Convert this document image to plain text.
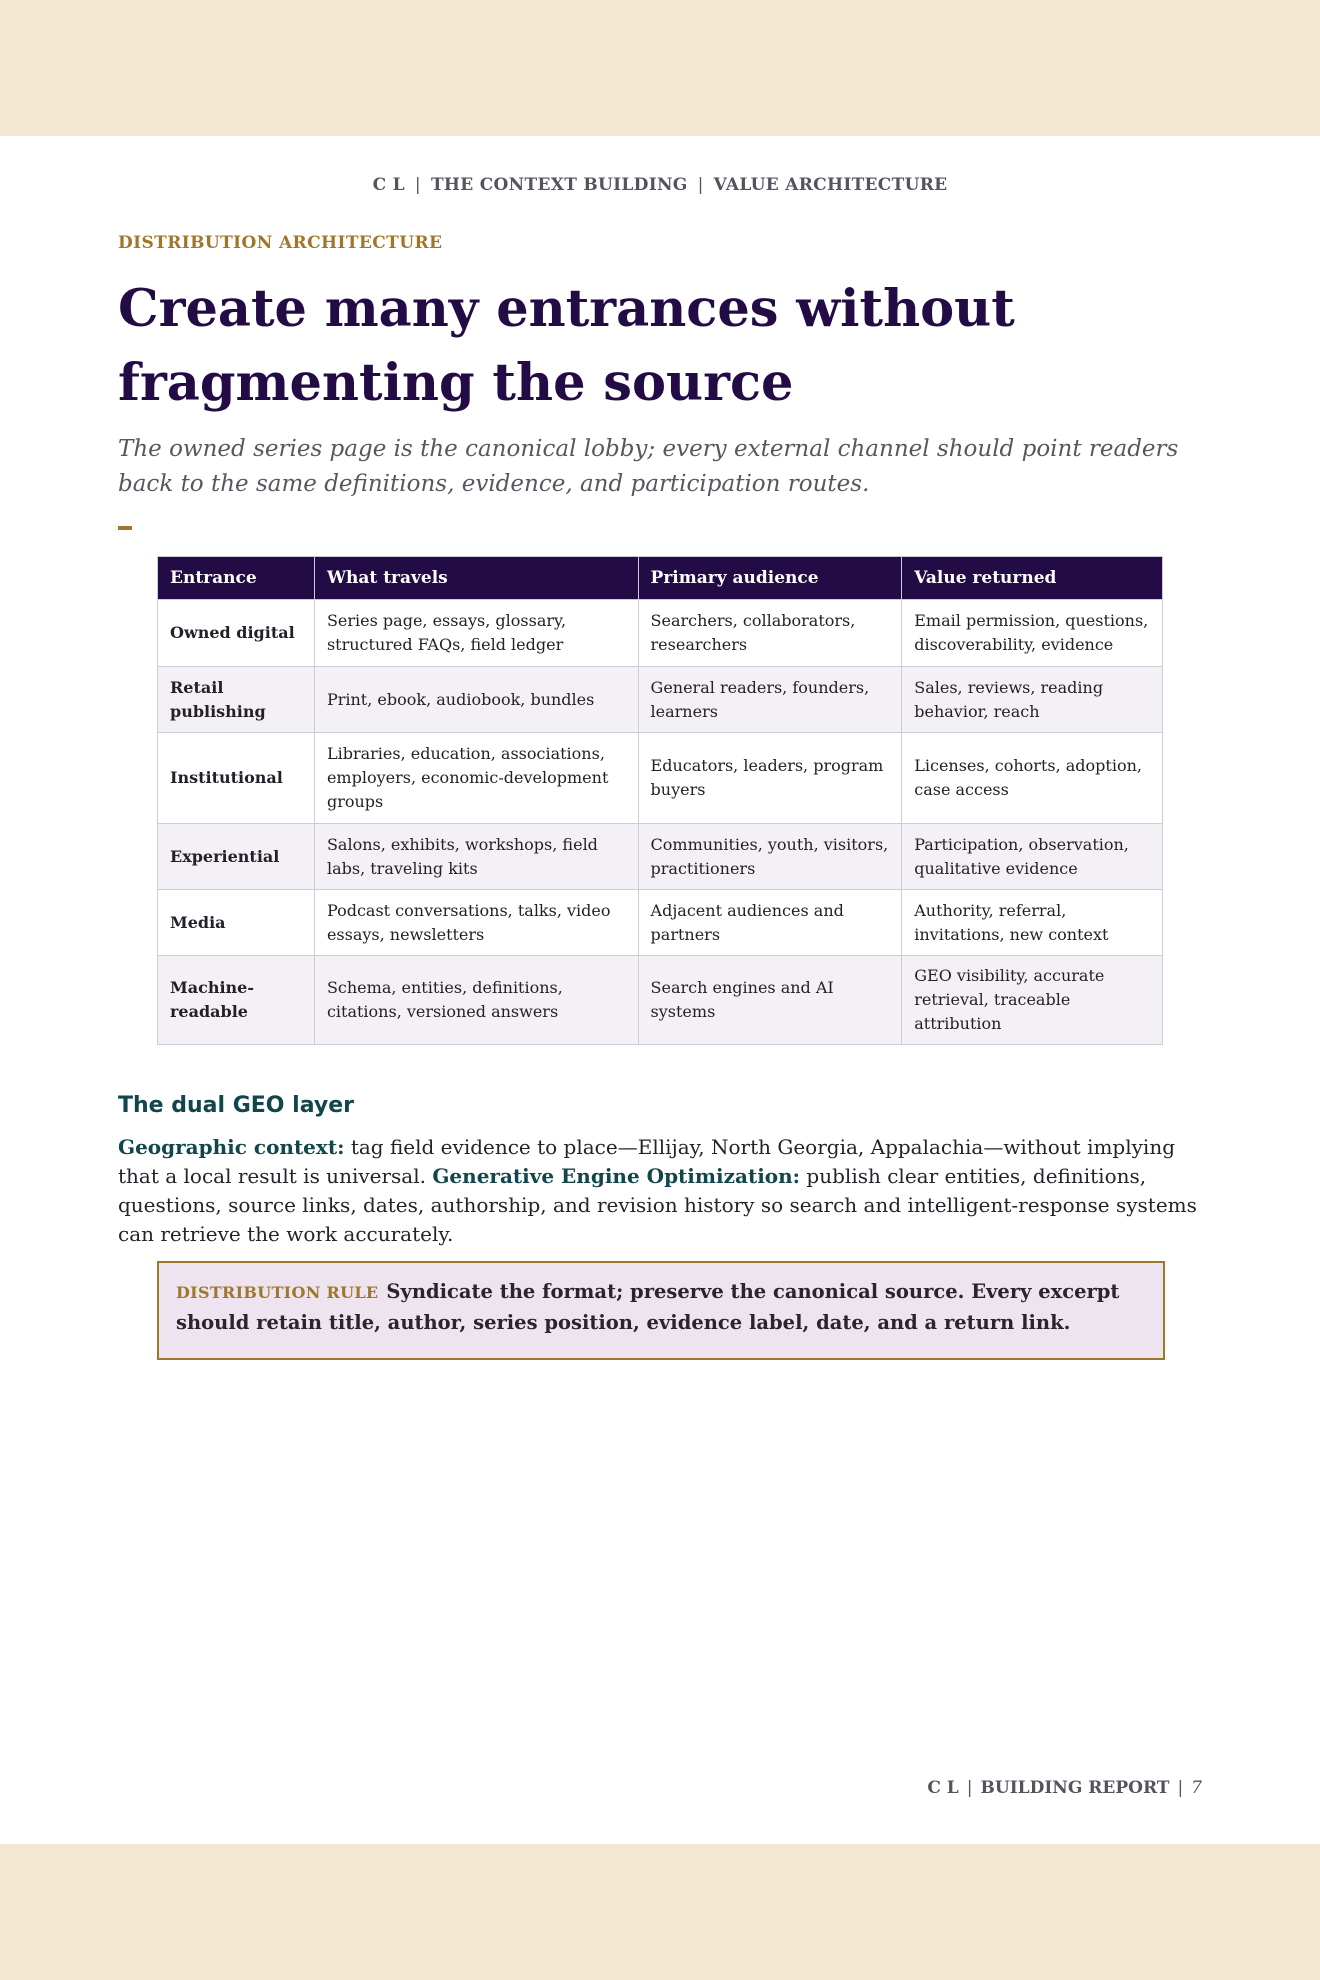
C L | THE CONTEXT BUILDING | VALUE ARCHITECTURE

DISTRIBUTION ARCHITECTURE

Create many entrances without fragmenting the source

The owned series page is the canonical lobby; every external channel should point readers back to the same definitions, evidence, and participation routes.

Entrance	What travels	Primary audience	Value returned
Owned digital	Series page, essays, glossary, structured FAQs, field ledger	Searchers, collaborators, researchers	Email permission, questions, discoverability, evidence
Retail publishing	Print, ebook, audiobook, bundles	General readers, founders, learners	Sales, reviews, reading behavior, reach
Institutional	Libraries, education, associations, employers, economic-development groups	Educators, leaders, program buyers	Licenses, cohorts, adoption, case access
Experiential	Salons, exhibits, workshops, field labs, traveling kits	Communities, youth, visitors, practitioners	Participation, observation, qualitative evidence
Media	Podcast conversations, talks, video essays, newsletters	Adjacent audiences and partners	Authority, referral, invitations, new context
Machine-readable	Schema, entities, definitions, citations, versioned answers	Search engines and AI systems	GEO visibility, accurate retrieval, traceable attribution
The dual GEO layer

Geographic context: tag field evidence to place—Ellijay, North Georgia, Appalachia—without implying that a local result is universal. Generative Engine Optimization: publish clear entities, definitions, questions, source links, dates, authorship, and revision history so search and intelligent-response systems can retrieve the work accurately.

DISTRIBUTION RULE Syndicate the format; preserve the canonical source. Every excerpt should retain title, author, series position, evidence label, date, and a return link.
C L | BUILDING REPORT | 7
